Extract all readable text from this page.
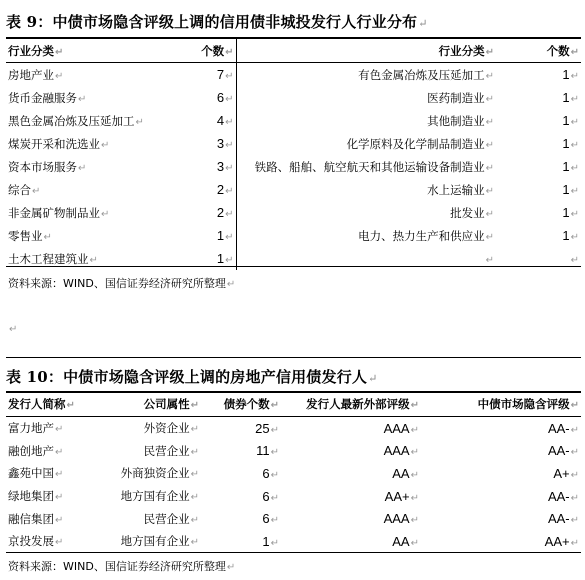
表 9：中债市场隐含评级上调的信用债非城投发行人行业分布↵
行业分类↵	个数↵	行业分类↵	个数↵
房地产业↵	7↵	有色金属冶炼及压延加工↵	1↵
货币金融服务↵	6↵	医药制造业↵	1↵
黑色金属冶炼及压延加工↵	4↵	其他制造业↵	1↵
煤炭开采和洗选业↵	3↵	化学原料及化学制品制造业↵	1↵
资本市场服务↵	3↵	铁路、船舶、航空航天和其他运输设备制造业↵	1↵
综合↵	2↵	水上运输业↵	1↵
非金属矿物制品业↵	2↵	批发业↵	1↵
零售业↵	1↵	电力、热力生产和供应业↵	1↵
土木工程建筑业↵	1↵	↵	↵
资料来源：WIND、国信证券经济研究所整理↵
↵
表 10：中债市场隐含评级上调的房地产信用债发行人↵
发行人简称↵	公司属性↵	债券个数↵	发行人最新外部评级↵	中债市场隐含评级↵
富力地产↵	外资企业↵	25↵	AAA↵	AA-↵
融创地产↵	民营企业↵	11↵	AAA↵	AA-↵
鑫苑中国↵	外商独资企业↵	6↵	AA↵	A+↵
绿地集团↵	地方国有企业↵	6↵	AA+↵	AA-↵
融信集团↵	民营企业↵	6↵	AAA↵	AA-↵
京投发展↵	地方国有企业↵	1↵	AA↵	AA+↵
资料来源：WIND、国信证券经济研究所整理↵
